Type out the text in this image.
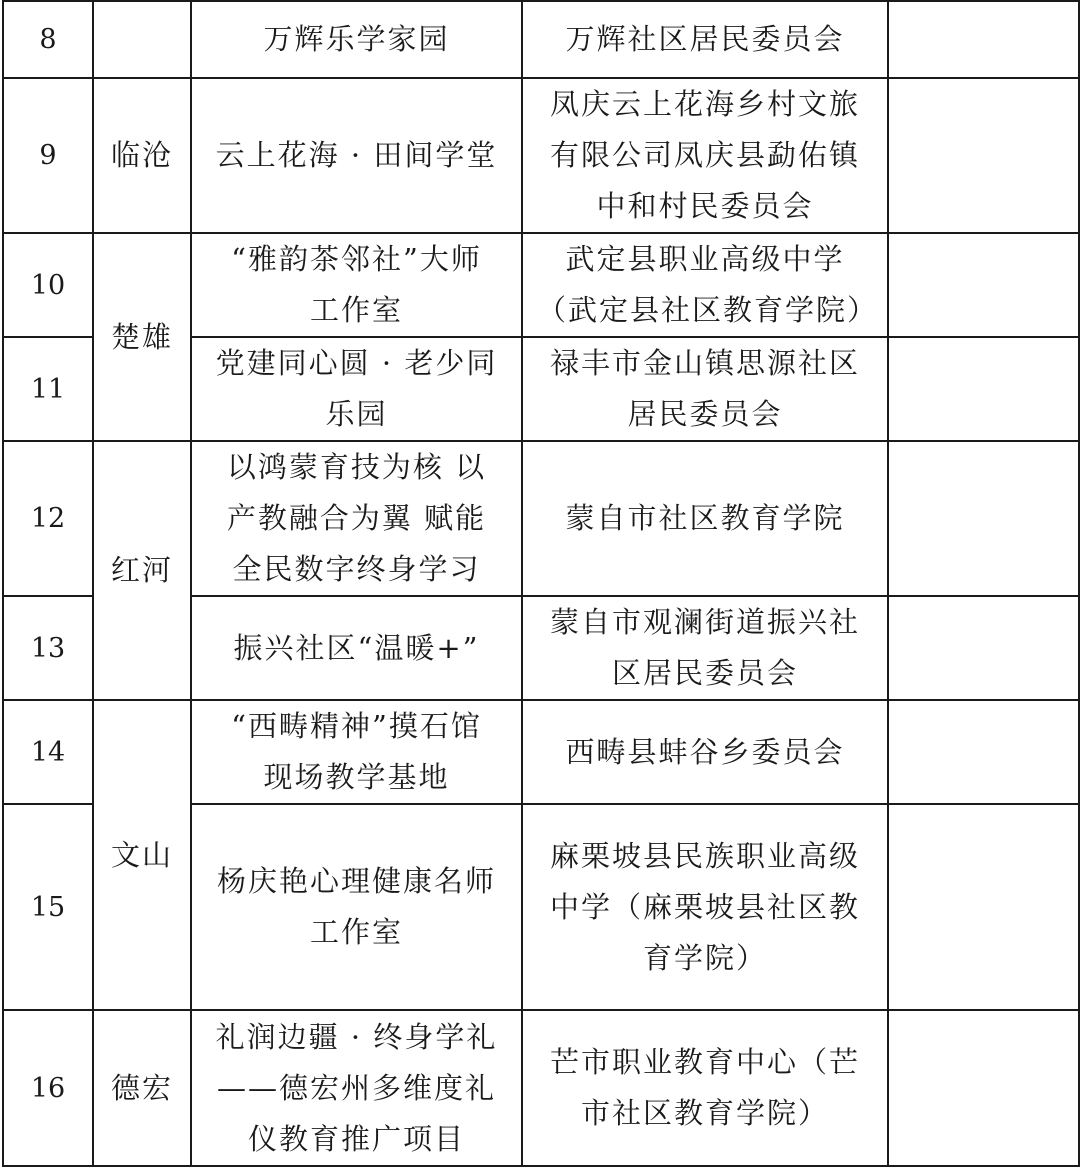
8		万辉乐学家园	万辉社区居民委员会	
9	临沧	云上花海 · 田间学堂	凤庆云上花海乡村文旅有限公司凤庆县勐佑镇中和村民委员会	
10	楚雄	“雅韵茶邻社”大师工作室	武定县职业高级中学（武定县社区教育学院）	
11		党建同心圆 · 老少同乐园	禄丰市金山镇思源社区居民委员会	
12	红河	以鸿蒙育技为核 以产教融合为翼 赋能全民数字终身学习	蒙自市社区教育学院	
13		振兴社区“温暖+”	蒙自市观澜街道振兴社区居民委员会	
14	文山	“西畴精神”摸石馆现场教学基地	西畴县蚌谷乡委员会	
15		杨庆艳心理健康名师工作室	麻栗坡县民族职业高级中学（麻栗坡县社区教育学院）	
16	德宏	礼润边疆 · 终身学礼——德宏州多维度礼仪教育推广项目	芒市职业教育中心（芒市社区教育学院）	
